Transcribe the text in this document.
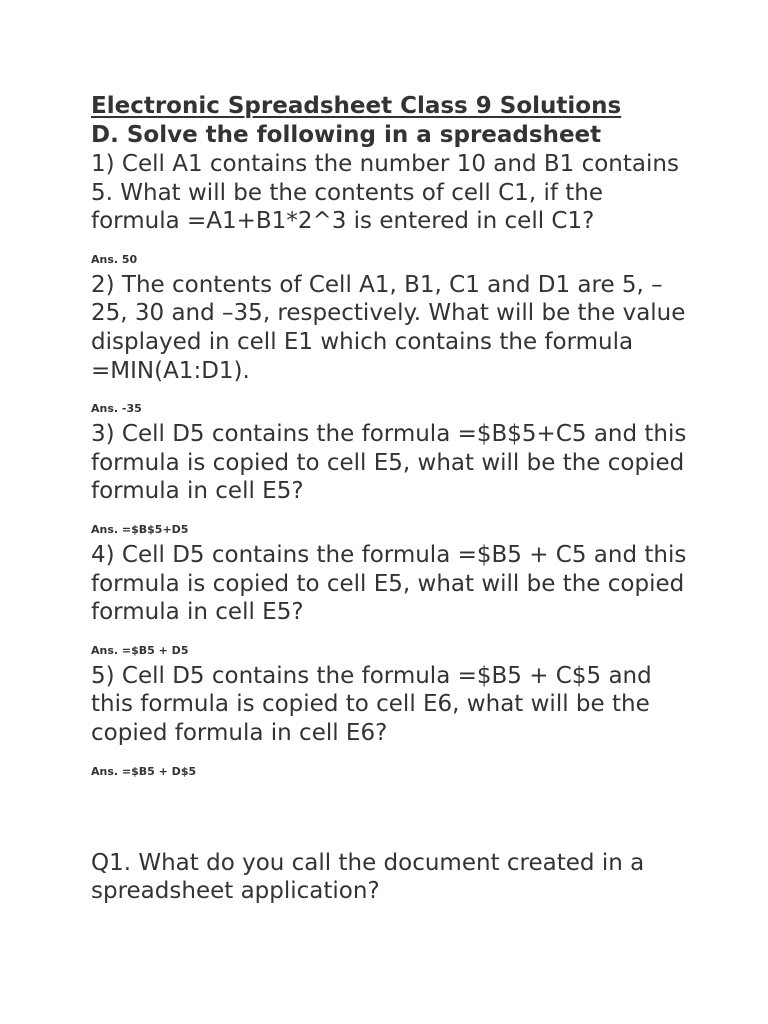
Electronic Spreadsheet Class 9 Solutions
D. Solve the following in a spreadsheet

1) Cell A1 contains the number 10 and B1 contains 5. What will be the contents of cell C1, if the formula =A1+B1*2^3 is entered in cell C1?

Ans. 50

2) The contents of Cell A1, B1, C1 and D1 are 5, –25, 30 and –35, respectively. What will be the value displayed in cell E1 which contains the formula =MIN(A1:D1).

Ans. -35

3) Cell D5 contains the formula =$B$5+C5 and this formula is copied to cell E5, what will be the copied formula in cell E5?

Ans. =$B$5+D5

4) Cell D5 contains the formula =$B5 + C5 and this formula is copied to cell E5, what will be the copied formula in cell E5?

Ans. =$B5 + D5

5) Cell D5 contains the formula =$B5 + C$5 and this formula is copied to cell E6, what will be the copied formula in cell E6?

Ans. =$B5 + D$5

Q1. What do you call the document created in a spreadsheet application?
